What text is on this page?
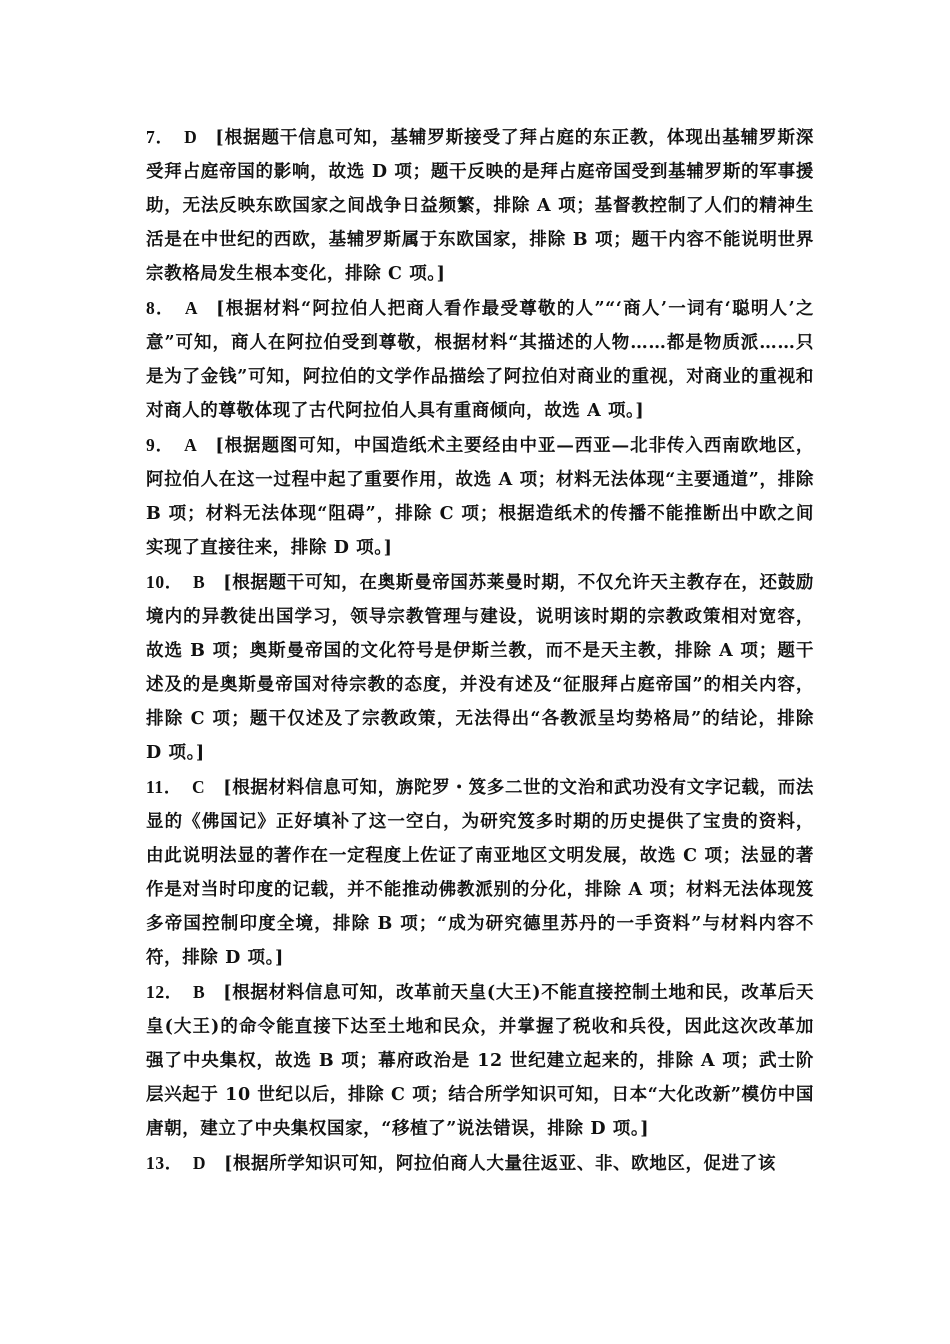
7． D [根据题干信息可知，基辅罗斯接受了拜占庭的东正教，体现出基辅罗斯深受拜占庭帝国的影响，故选 D 项；题干反映的是拜占庭帝国受到基辅罗斯的军事援助，无法反映东欧国家之间战争日益频繁，排除 A 项；基督教控制了人们的精神生活是在中世纪的西欧，基辅罗斯属于东欧国家，排除 B 项；题干内容不能说明世界宗教格局发生根本变化，排除 C 项。]

8． A [根据材料“阿拉伯人把商人看作最受尊敬的人”“‘商人’一词有‘聪明人’之意”可知，商人在阿拉伯受到尊敬，根据材料“其描述的人物……都是物质派……只是为了金钱”可知，阿拉伯的文学作品描绘了阿拉伯对商业的重视，对商业的重视和对商人的尊敬体现了古代阿拉伯人具有重商倾向，故选 A 项。]

9． A [根据题图可知，中国造纸术主要经由中亚—西亚—北非传入西南欧地区，阿拉伯人在这一过程中起了重要作用，故选 A 项；材料无法体现“主要通道”，排除 B 项；材料无法体现“阻碍”，排除 C 项；根据造纸术的传播不能推断出中欧之间实现了直接往来，排除 D 项。]

10． B [根据题干可知，在奥斯曼帝国苏莱曼时期，不仅允许天主教存在，还鼓励境内的异教徒出国学习，领导宗教管理与建设，说明该时期的宗教政策相对宽容，故选 B 项；奥斯曼帝国的文化符号是伊斯兰教，而不是天主教，排除 A 项；题干述及的是奥斯曼帝国对待宗教的态度，并没有述及“征服拜占庭帝国”的相关内容，排除 C 项；题干仅述及了宗教政策，无法得出“各教派呈均势格局”的结论，排除 D 项。]

11． C [根据材料信息可知，旃陀罗・笈多二世的文治和武功没有文字记载，而法显的《佛国记》正好填补了这一空白，为研究笈多时期的历史提供了宝贵的资料，由此说明法显的著作在一定程度上佐证了南亚地区文明发展，故选 C 项；法显的著作是对当时印度的记载，并不能推动佛教派别的分化，排除 A 项；材料无法体现笈多帝国控制印度全境，排除 B 项；“成为研究德里苏丹的一手资料”与材料内容不符，排除 D 项。]

12． B [根据材料信息可知，改革前天皇(大王)不能直接控制土地和民，改革后天皇(大王)的命令能直接下达至土地和民众，并掌握了税收和兵役，因此这次改革加强了中央集权，故选 B 项；幕府政治是 12 世纪建立起来的，排除 A 项；武士阶层兴起于 10 世纪以后，排除 C 项；结合所学知识可知，日本“大化改新”模仿中国唐朝，建立了中央集权国家，“移植了”说法错误，排除 D 项。]

13． D [根据所学知识可知，阿拉伯商人大量往返亚、非、欧地区，促进了该
